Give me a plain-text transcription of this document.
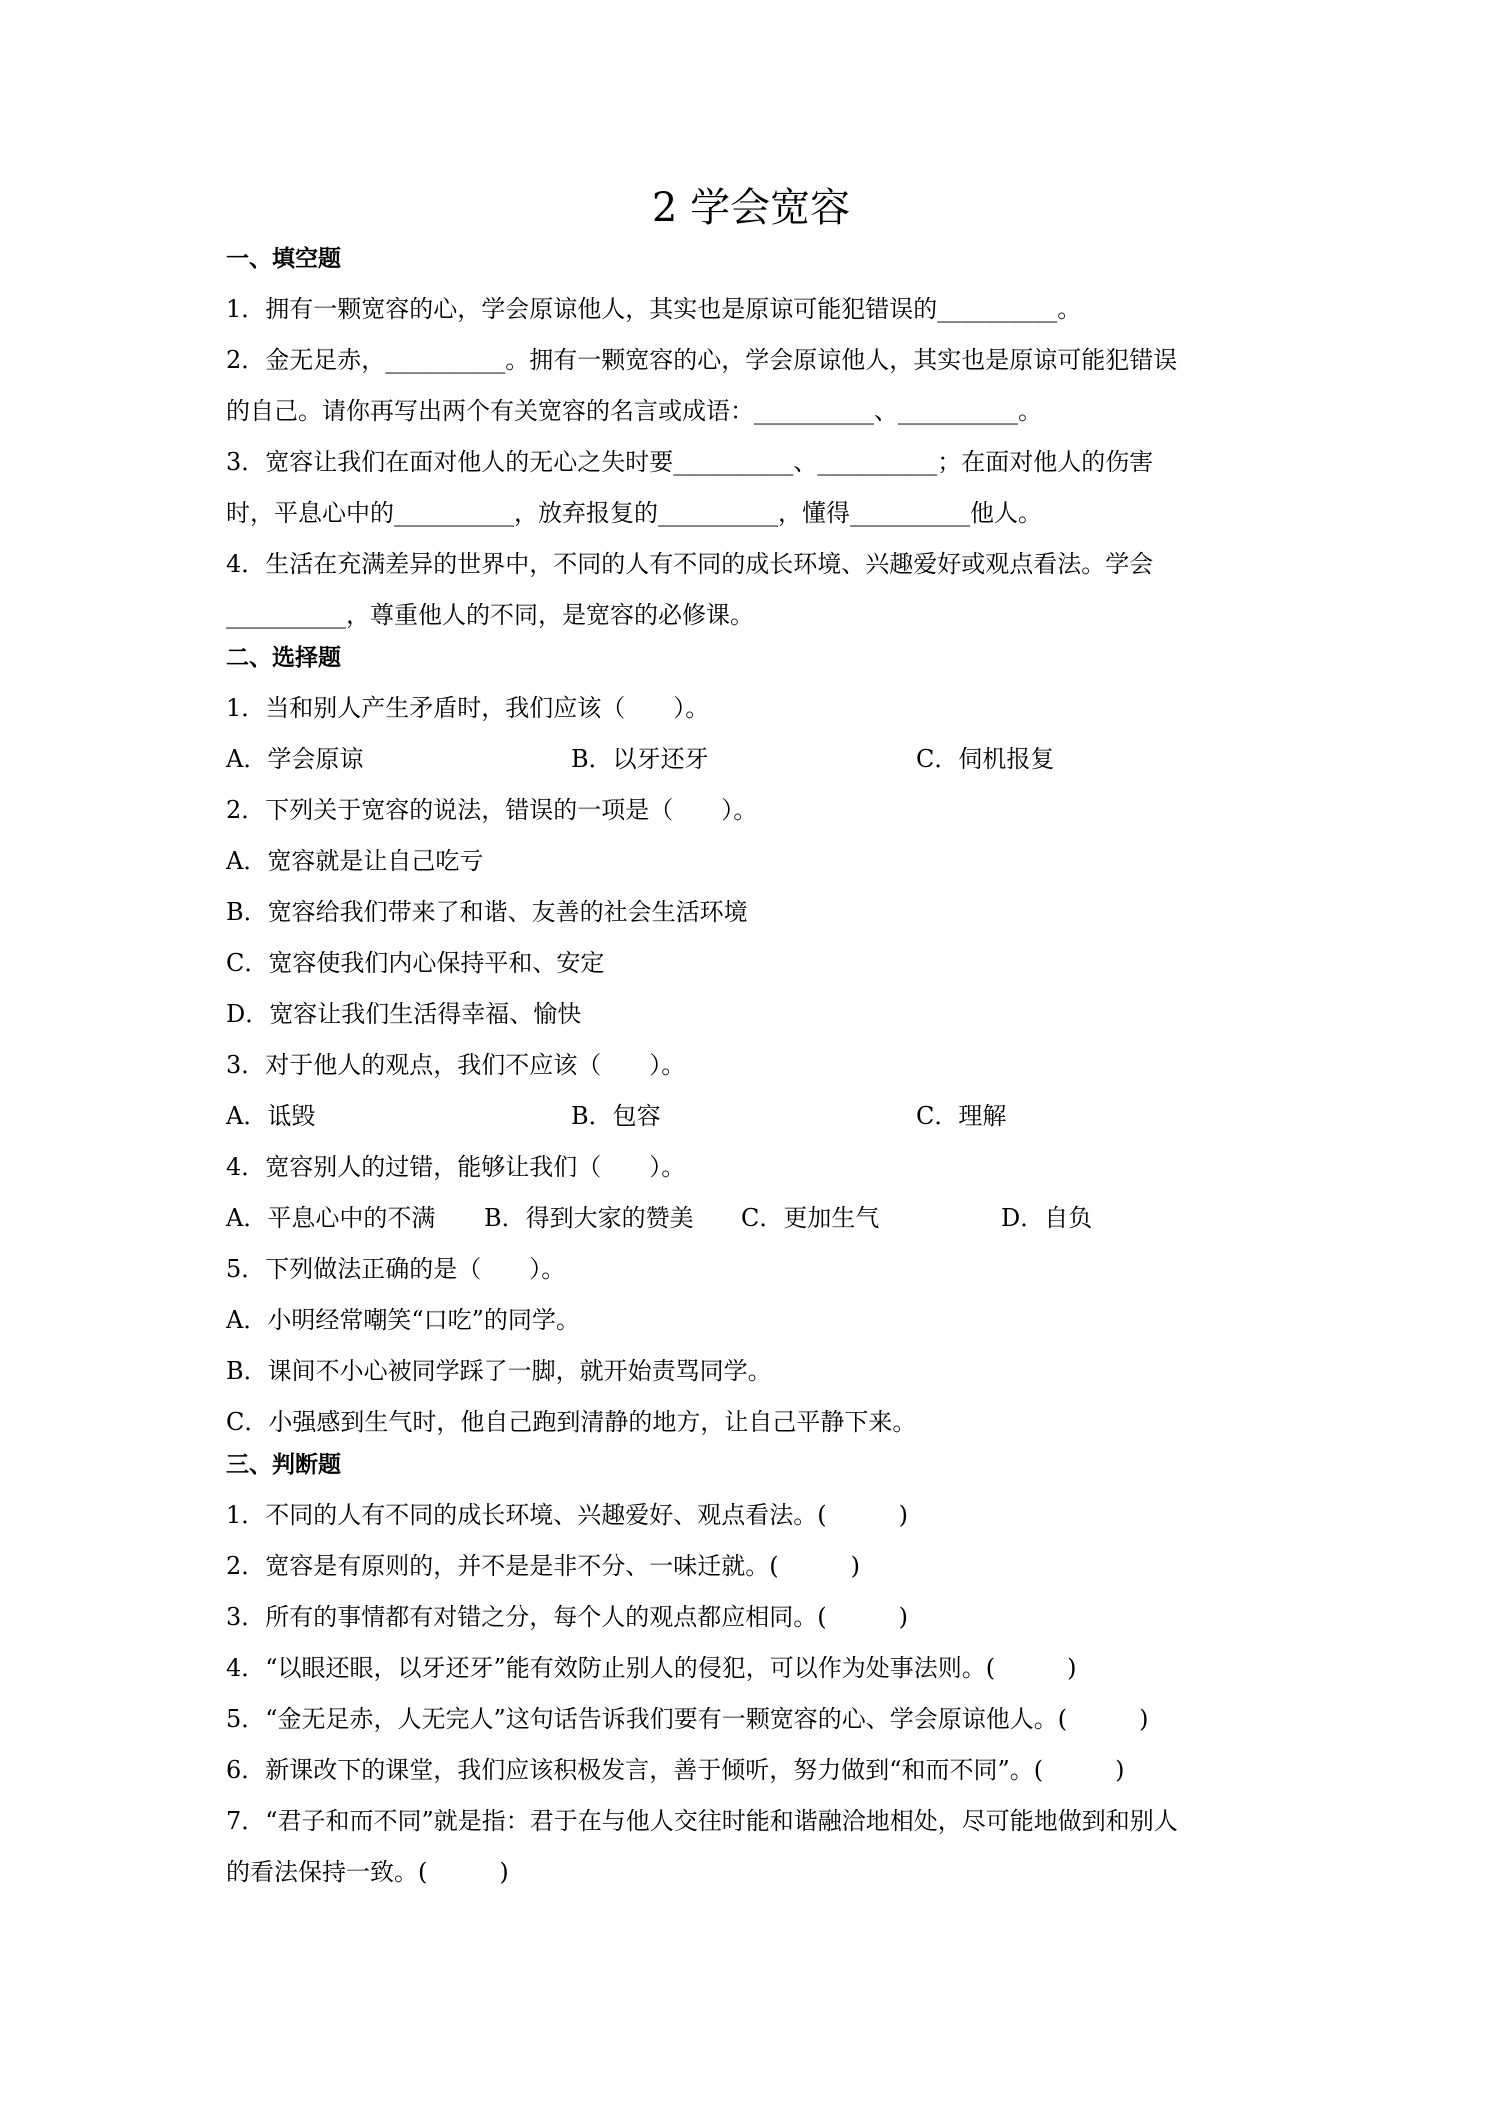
2 学会宽容
一、填空题
1．拥有一颗宽容的心，学会原谅他人，其实也是原谅可能犯错误的__________。
2．金无足赤，__________。拥有一颗宽容的心，学会原谅他人，其实也是原谅可能犯错误
的自己。请你再写出两个有关宽容的名言或成语：__________、__________。
3．宽容让我们在面对他人的无心之失时要__________、__________；在面对他人的伤害
时，平息心中的__________，放弃报复的__________，懂得__________他人。
4．生活在充满差异的世界中，不同的人有不同的成长环境、兴趣爱好或观点看法。学会
__________，尊重他人的不同，是宽容的必修课。
二、选择题
1．当和别人产生矛盾时，我们应该（　　）。
A．学会原谅	B．以牙还牙	C．伺机报复
2．下列关于宽容的说法，错误的一项是（　　）。
A．宽容就是让自己吃亏
B．宽容给我们带来了和谐、友善的社会生活环境
C．宽容使我们内心保持平和、安定
D．宽容让我们生活得幸福、愉快
3．对于他人的观点，我们不应该（　　）。
A．诋毁	B．包容	C．理解
4．宽容别人的过错，能够让我们（　　）。
A．平息心中的不满 B．得到大家的赞美 C．更加生气	D．自负
5．下列做法正确的是（　　）。
A．小明经常嘲笑“口吃”的同学。
B．课间不小心被同学踩了一脚，就开始责骂同学。
C．小强感到生气时，他自己跑到清静的地方，让自己平静下来。
三、判断题
1．不同的人有不同的成长环境、兴趣爱好、观点看法。(　　　)
2．宽容是有原则的，并不是是非不分、一味迁就。(　　　)
3．所有的事情都有对错之分，每个人的观点都应相同。(　　　)
4．“以眼还眼，以牙还牙”能有效防止别人的侵犯，可以作为处事法则。(　　　)
5．“金无足赤，人无完人”这句话告诉我们要有一颗宽容的心、学会原谅他人。(　　　)
6．新课改下的课堂，我们应该积极发言，善于倾听，努力做到“和而不同”。(　　　)
7．“君子和而不同”就是指：君于在与他人交往时能和谐融洽地相处，尽可能地做到和别人
的看法保持一致。(　　　)
